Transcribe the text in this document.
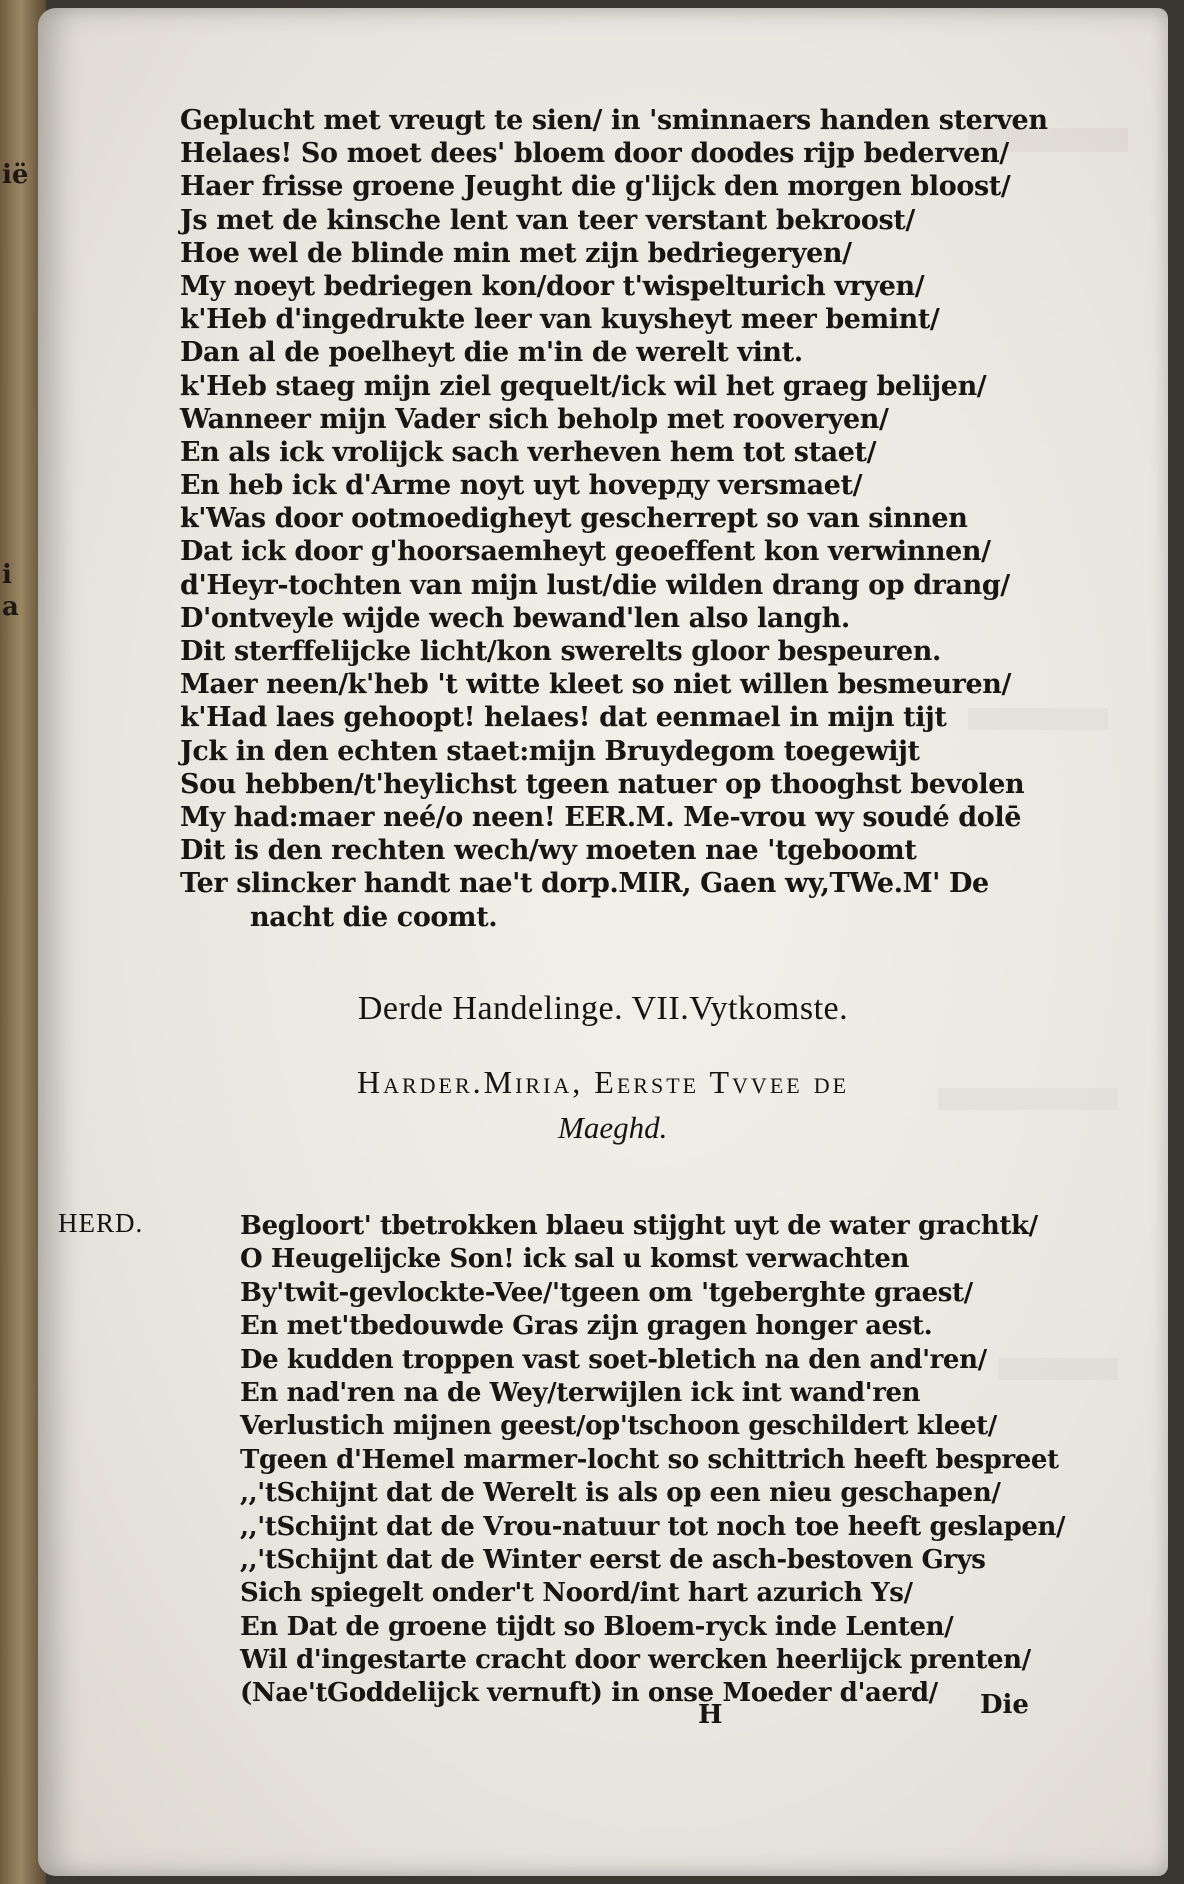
ië
i
a
Geplucht met vreugt te sien/ in 'sminnaers handen sterven
Helaes! So moet dees' bloem door doodes rijp bederven/
Haer frisse groene Jeught die g'lijck den morgen bloost/
Js met de kinsche lent van teer verstant bekroost/
Hoe wel de blinde min met zijn bedriegeryen/
My noeyt bedriegen kon/door t'wispelturich vryen/
k'Heb d'ingedrukte leer van kuysheyt meer bemint/
Dan al de poelheyt die m'in de werelt vint.
k'Heb staeg mijn ziel gequelt/ick wil het graeg belijen/
Wanneer mijn Vader sich beholp met rooveryen/
En als ick vrolijck sach verheven hem tot staet/
En heb ick d'Arme noyt uyt hovердy versmaet/
k'Was door ootmoedigheyt gescherrept so van sinnen
Dat ick door g'hoorsaemheyt geoeffent kon verwinnen/
d'Heyr-tochten van mijn lust/die wilden drang op drang/
D'ontveyle wijde wech bewand'len also langh.
Dit sterffelijcke licht/kon swerelts gloor bespeuren.
Maer neen/k'heb 't witte kleet so niet willen besmeuren/
k'Had laes gehoopt! helaes! dat eenmael in mijn tijt
Jck in den echten staet:mijn Bruydegom toegewijt
Sou hebben/t'heylichst tgeen natuer op thooghst bevolen
My had:maer neé/o neen! EER.M. Me-vrou wy soudé dolē
Dit is den rechten wech/wy moeten nae 'tgeboomt
Ter slincker handt nae't dorp.MIR, Gaen wy,TWe.M' De
nacht die coomt.
Derde Handelinge. VII.Vytkomste.
Harder.Miria, Eerste Tvvee de
Maeghd.
HERD.	Begloort' tbetrokken blaeu stijght uyt de water grachtk/
O Heugelijcke Son! ick sal u komst verwachten
By'twit-gevlockte-Vee/'tgeen om 'tgeberghte graest/
En met'tbedouwde Gras zijn gragen honger aest.
De kudden troppen vast soet-bletich na den and'ren/
En nad'ren na de Wey/terwijlen ick int wand'ren
Verlustich mijnen geest/op'tschoon geschildert kleet/
Tgeen d'Hemel marmer-locht so schittrich heeft bespreet
,,'tSchijnt dat de Werelt is als op een nieu geschapen/
,,'tSchijnt dat de Vrou-natuur tot noch toe heeft geslapen/
,,'tSchijnt dat de Winter eerst de asch-bestoven Grys
Sich spiegelt onder't Noord/int hart azurich Ys/
En Dat de groene tijdt so Bloem-ryck inde Lenten/
Wil d'ingestarte cracht door wercken heerlijck prenten/
(Nae'tGoddelijck vernuft) in onse Moeder d'aerd/
H	Die
